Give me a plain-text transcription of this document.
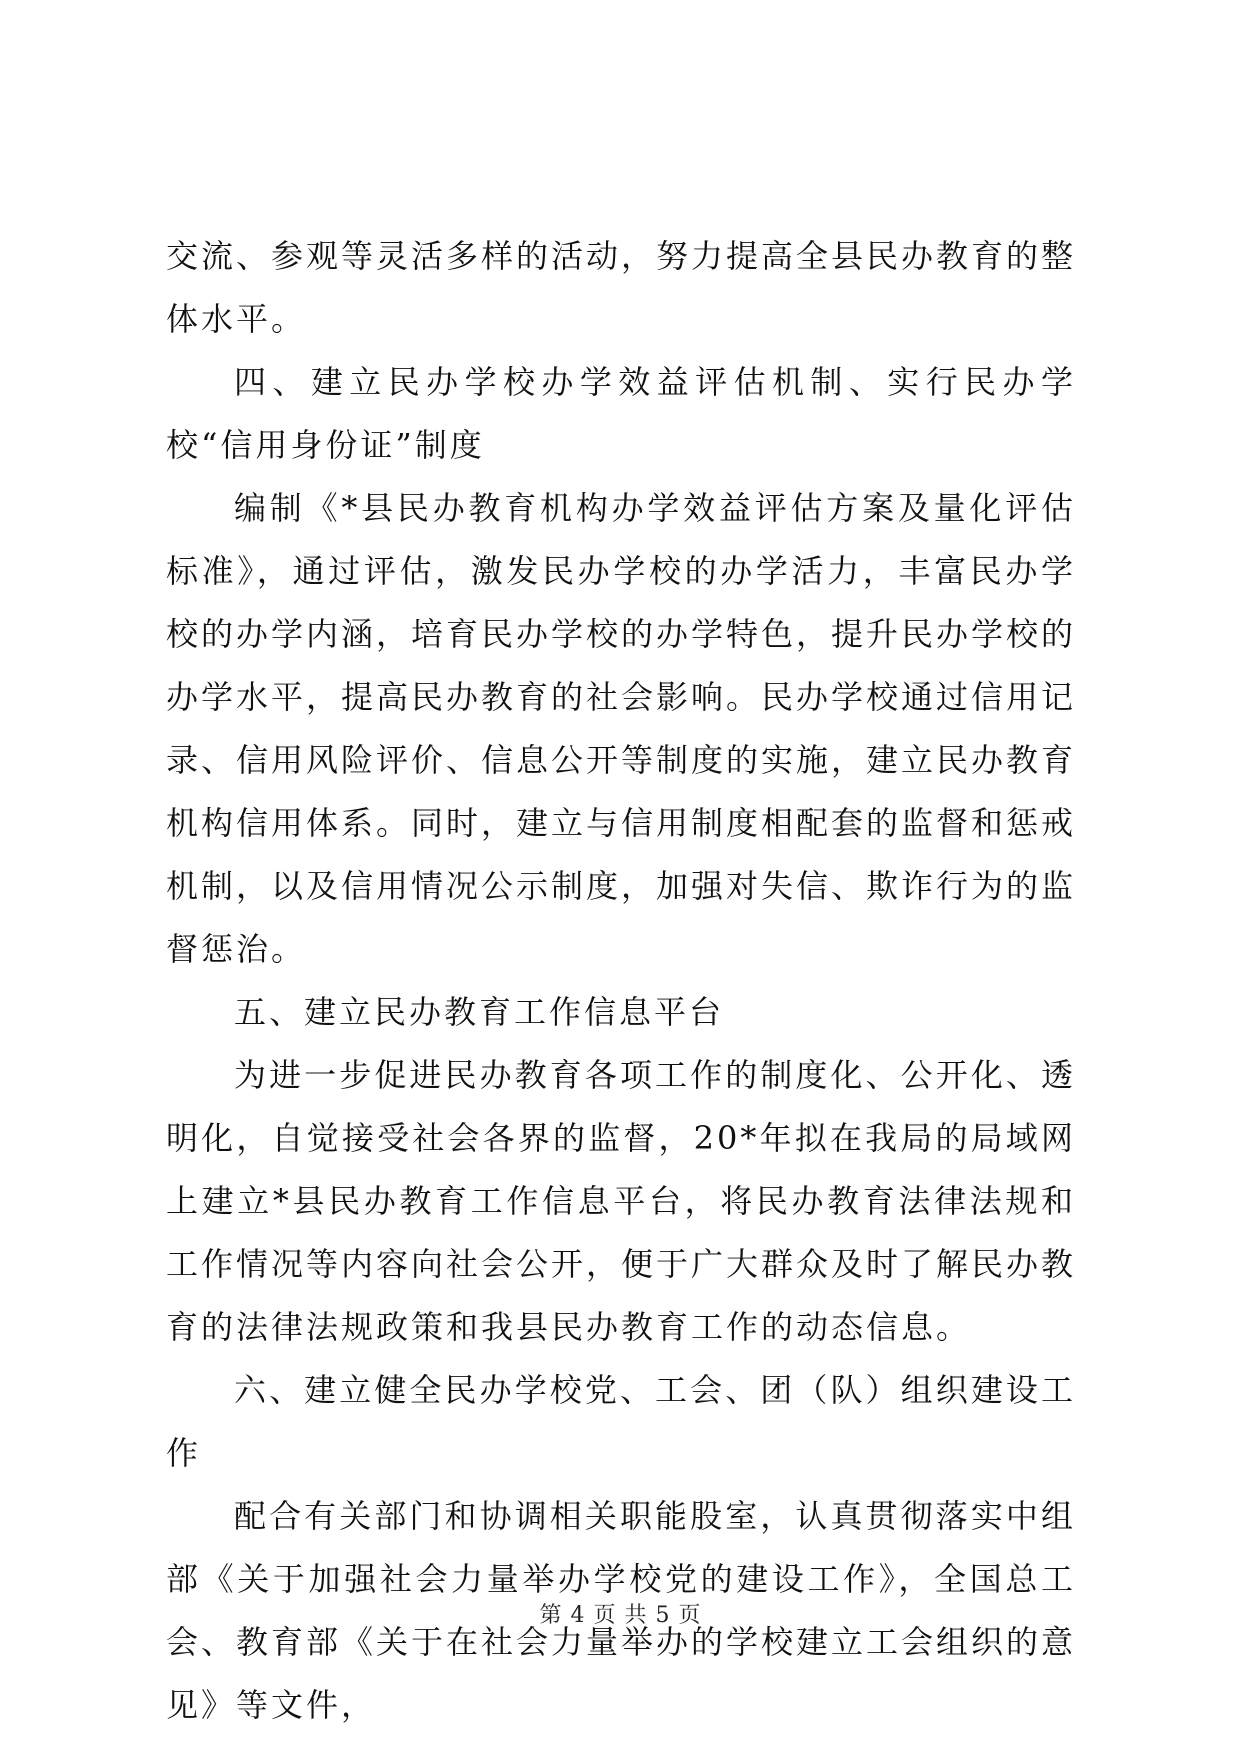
交流、参观等灵活多样的活动，努力提高全县民办教育的整体水平。

四、建立民办学校办学效益评估机制、实行民办学校“信用身份证”制度

编制《*县民办教育机构办学效益评估方案及量化评估标准》，通过评估，激发民办学校的办学活力，丰富民办学校的办学内涵，培育民办学校的办学特色，提升民办学校的办学水平，提高民办教育的社会影响。民办学校通过信用记录、信用风险评价、信息公开等制度的实施，建立民办教育机构信用体系。同时，建立与信用制度相配套的监督和惩戒机制，以及信用情况公示制度，加强对失信、欺诈行为的监督惩治。

五、建立民办教育工作信息平台

为进一步促进民办教育各项工作的制度化、公开化、透明化，自觉接受社会各界的监督，20*年拟在我局的局域网上建立*县民办教育工作信息平台，将民办教育法律法规和工作情况等内容向社会公开，便于广大群众及时了解民办教育的法律法规政策和我县民办教育工作的动态信息。

六、建立健全民办学校党、工会、团（队）组织建设工作

配合有关部门和协调相关职能股室，认真贯彻落实中组部《关于加强社会力量举办学校党的建设工作》，全国总工会、教育部《关于在社会力量举办的学校建立工会组织的意见》等文件，

第 4 页 共 5 页
